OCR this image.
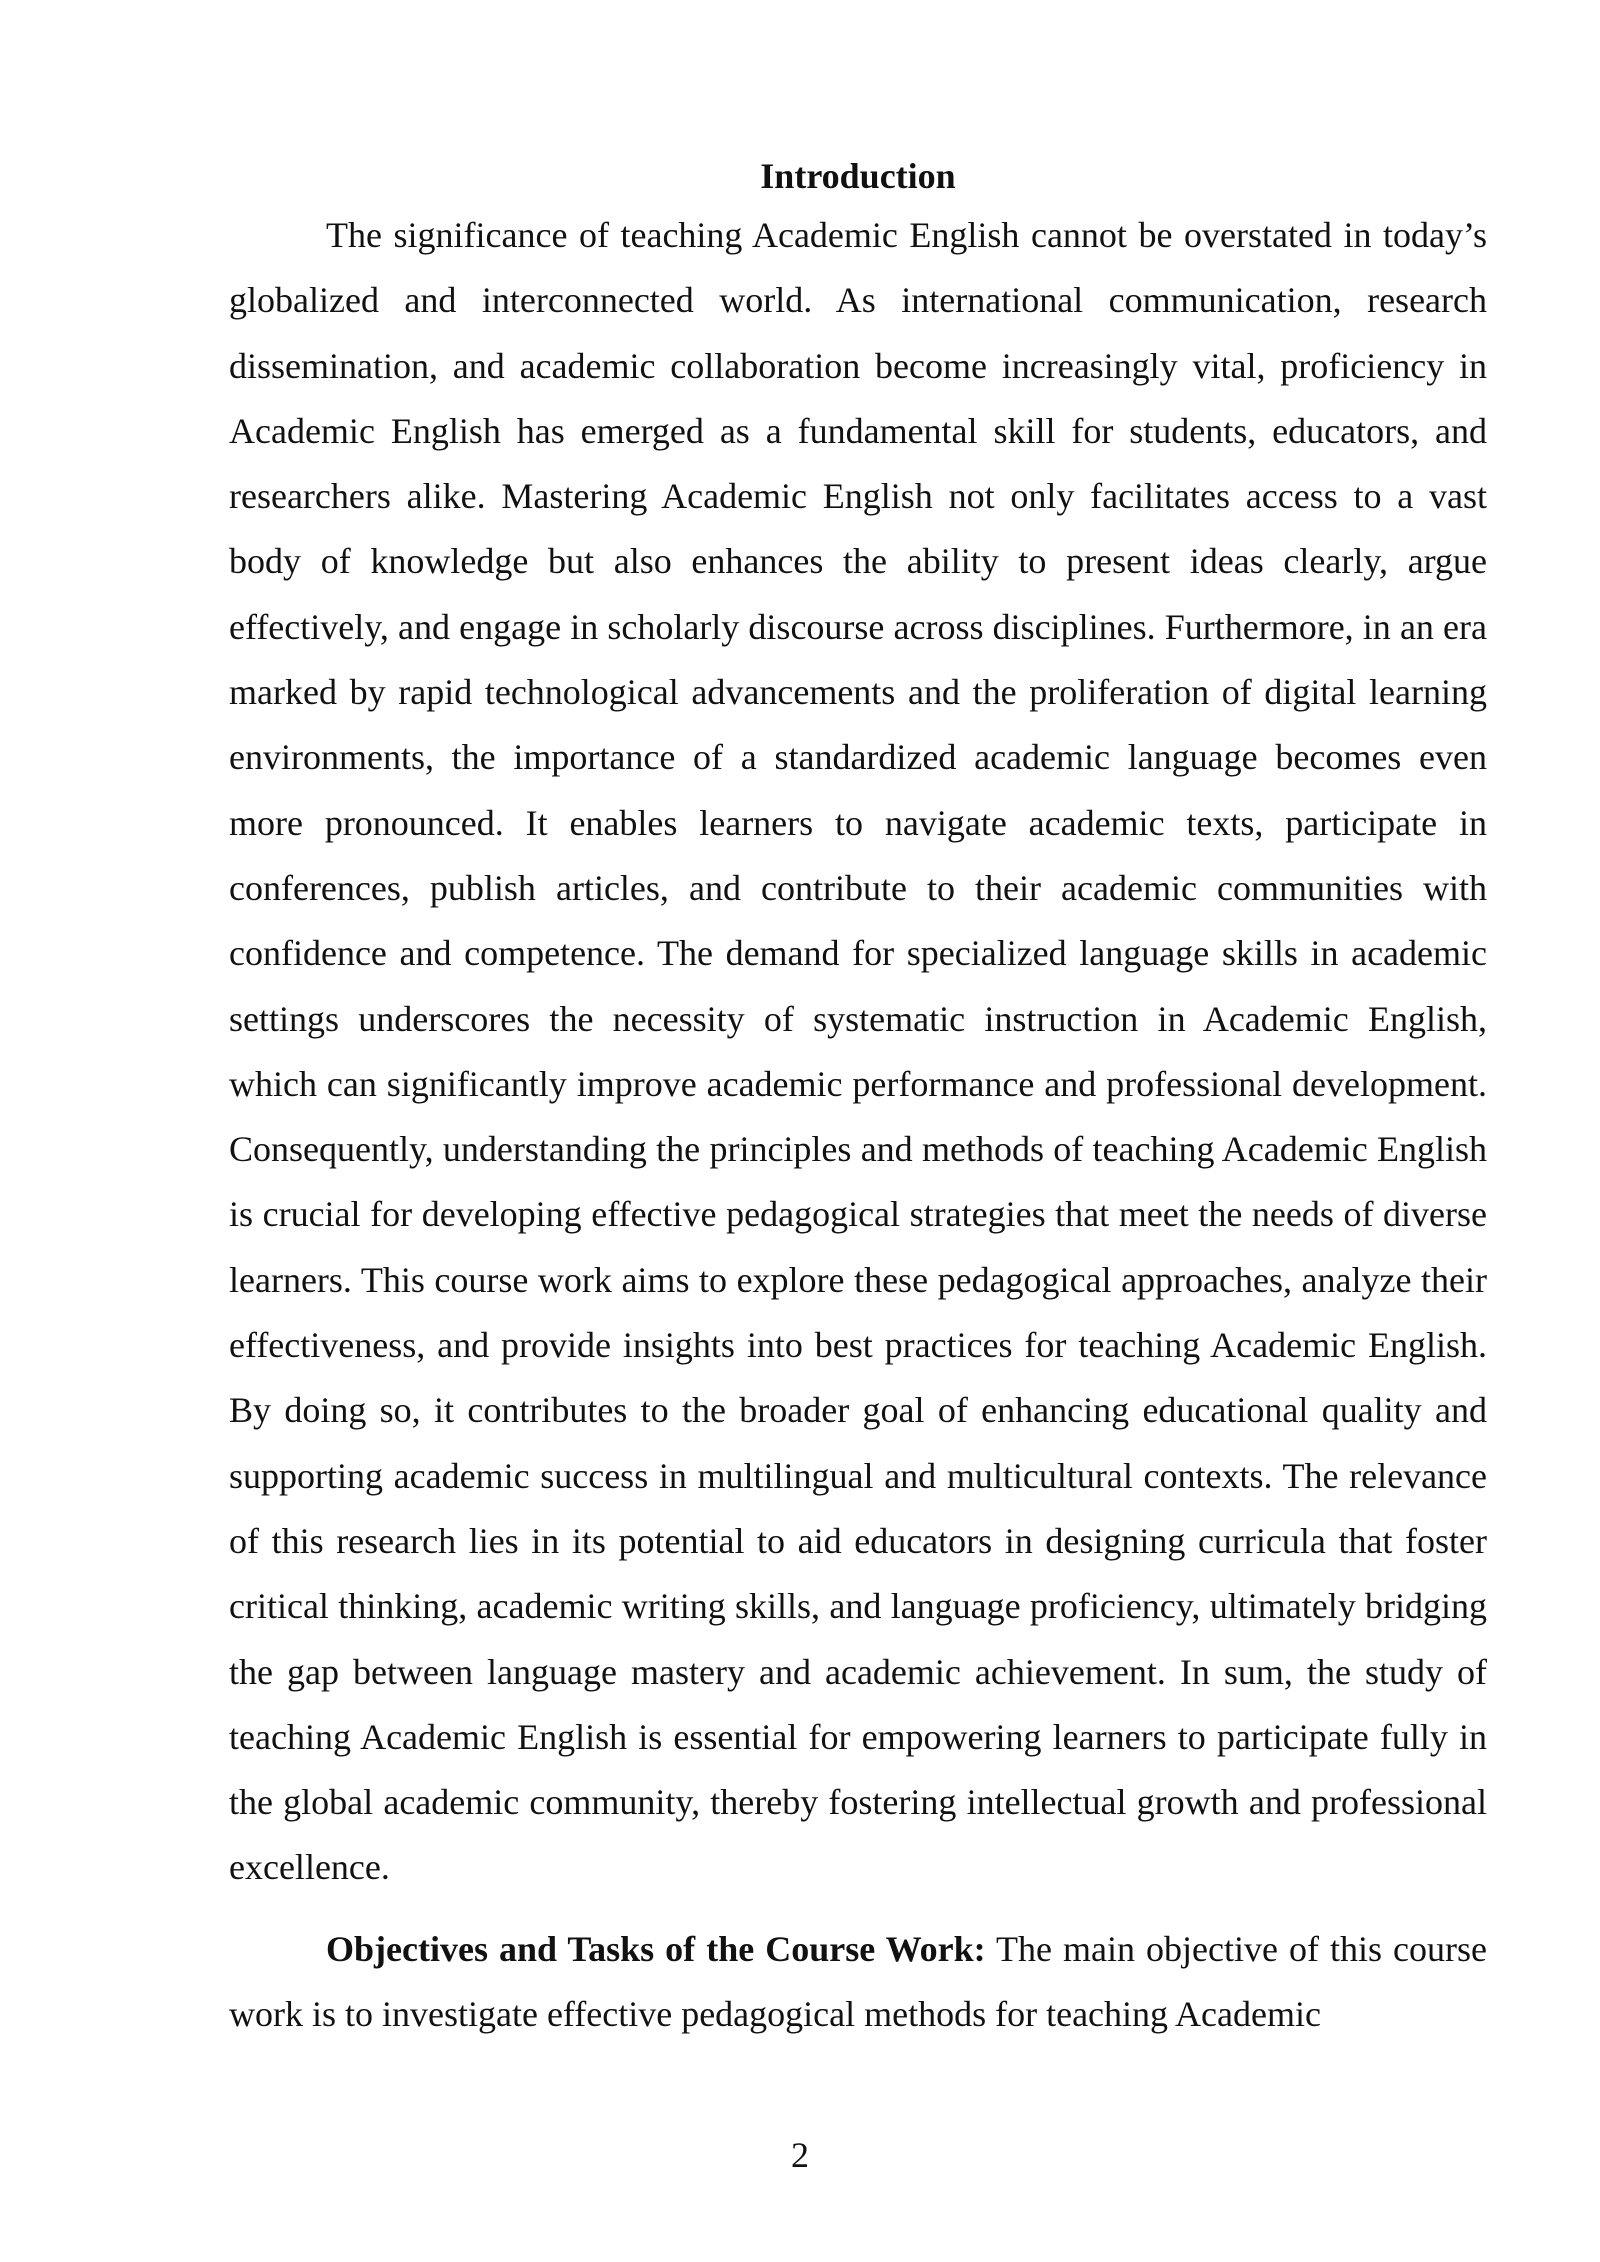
Introduction

The significance of teaching Academic English cannot be overstated in today’s globalized and interconnected world. As international communication, research dissemination, and academic collaboration become increasingly vital, proficiency in Academic English has emerged as a fundamental skill for students, educators, and researchers alike. Mastering Academic English not only facilitates access to a vast body of knowledge but also enhances the ability to present ideas clearly, argue effectively, and engage in scholarly discourse across disciplines. Furthermore, in an era marked by rapid technological advancements and the proliferation of digital learning environments, the importance of a standardized academic language becomes even more pronounced. It enables learners to navigate academic texts, participate in conferences, publish articles, and contribute to their academic communities with confidence and competence. The demand for specialized language skills in academic settings underscores the necessity of systematic instruction in Academic English, which can significantly improve academic performance and professional development. Consequently, understanding the principles and methods of teaching Academic English is crucial for developing effective pedagogical strategies that meet the needs of diverse learners. This course work aims to explore these pedagogical approaches, analyze their effectiveness, and provide insights into best practices for teaching Academic English. By doing so, it contributes to the broader goal of enhancing educational quality and supporting academic success in multilingual and multicultural contexts. The relevance of this research lies in its potential to aid educators in designing curricula that foster critical thinking, academic writing skills, and language proficiency, ultimately bridging the gap between language mastery and academic achievement. In sum, the study of teaching Academic English is essential for empowering learners to participate fully in the global academic community, thereby fostering intellectual growth and professional excellence.

Objectives and Tasks of the Course Work: The main objective of this course work is to investigate effective pedagogical methods for teaching Academic

2
